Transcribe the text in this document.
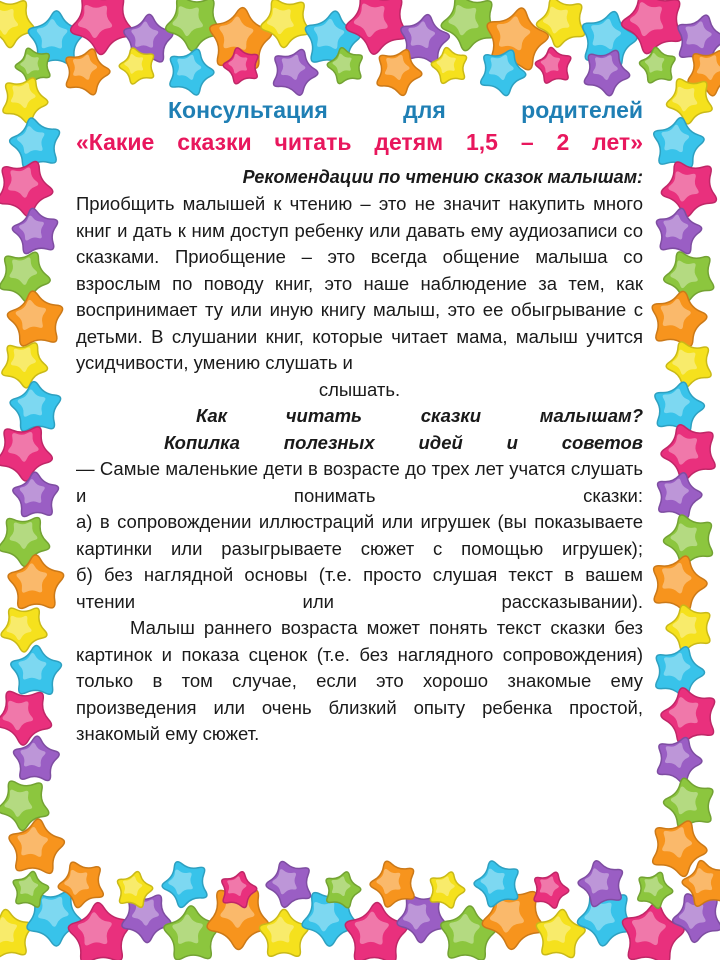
Консультация для родителей
«Какие сказки читать детям 1,5 – 2 лет»
Рекомендации по чтению сказок малышам:

Приобщить малышей к чтению – это не значит накупить много книг и дать к ним доступ ребенку или давать ему аудиозаписи со сказками. Приобщение – это всегда общение малыша со взрослым по поводу книг, это наше наблюдение за тем, как воспринимает ту или иную книгу малыш, это ее обыгрывание с детьми. В слушании книг, которые читает мама, малыш учится усидчивости, умению слушать и

слышать.

Как читать сказки малышам?
Копилка полезных идей и советов

— Самые маленькие дети в возрасте до трех лет учатся слушать и понимать сказки:

а) в сопровождении иллюстраций или игрушек (вы показываете картинки или разыгрываете сюжет с помощью игрушек);

б) без наглядной основы (т.е. просто слушая текст в вашем чтении или рассказывании).

Малыш раннего возраста может понять текст сказки без картинок и показа сценок (т.е. без наглядного сопровождения) только в том случае, если это хорошо знакомые ему произведения или очень близкий опыту ребенка простой, знакомый ему сюжет.
